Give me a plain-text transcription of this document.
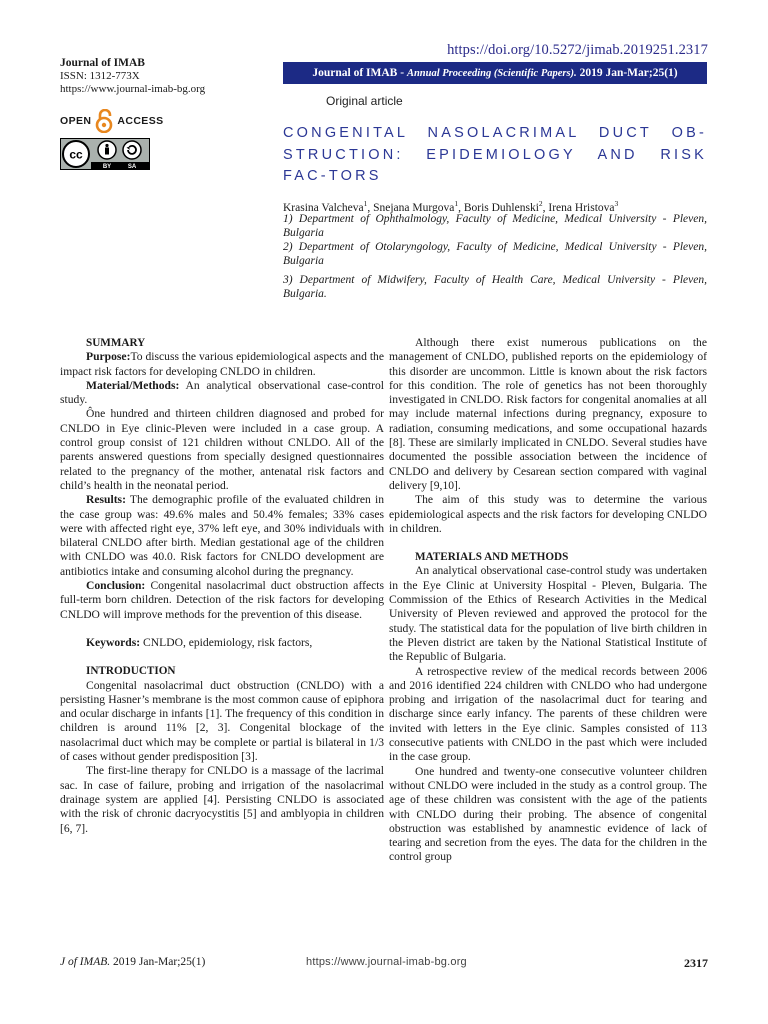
https://doi.org/10.5272/jimab.2019251.2317
Journal of IMAB - Annual Proceeding (Scientific Papers). 2019 Jan-Mar;25(1)
Journal of IMAB
ISSN: 1312-773X
https://www.journal-imab-bg.org
OPEN ACCESS
cc
BY	SA
Original article
CONGENITAL NASOLACRIMAL DUCT OB-STRUCTION: EPIDEMIOLOGY AND RISK FAC-TORS
Krasina Valcheva$^1$, Snejana Murgova$^1$, Boris Duhlenski$^2$, Irena Hristova$^3$
1) Department of Ophthalmology, Faculty of Medicine, Medical University - Pleven, Bulgaria
2) Department of Otolaryngology, Faculty of Medicine, Medical University - Pleven, Bulgaria
3) Department of Midwifery, Faculty of Health Care, Medical University - Pleven, Bulgaria.

SUMMARY

Purpose:To discuss the various epidemiological aspects and the impact risk factors for developing CNLDO in children.

Material/Methods: An analytical observational case-control study.

Ône hundred and thirteen children diagnosed and probed for CNLDO in Eye clinic-Pleven were included in a case group. A control group consist of 121 children without CNLDO. All of the parents answered questions from specially designed questionnaires related to the pregnancy of the mother, antenatal risk factors and child’s health in the neonatal period.

Results: The demographic profile of the evaluated children in the case group was: 49.6% males and 50.4% females; 33% cases were with affected right eye, 37% left eye, and 30% individuals with bilateral CNLDO after birth. Median gestational age of the children with CNLDO was 40.0. Risk factors for CNLDO development are antibiotics intake and consuming alcohol during the pregnancy.

Conclusion: Congenital nasolacrimal duct obstruction affects full-term born children. Detection of the risk factors for developing CNLDO will improve methods for the prevention of this disease.

Keywords: CNLDO, epidemiology, risk factors,

INTRODUCTION

Congenital nasolacrimal duct obstruction (CNLDO) with a persisting Hasner’s membrane is the most common cause of epiphora and ocular discharge in infants [1]. The frequency of this condition in children is around 11% [2, 3]. Congenital blockage of the nasolacrimal duct which may be complete or partial is bilateral in 1/3 of cases without gender predisposition [3].

The first-line therapy for CNLDO is a massage of the lacrimal sac. In case of failure, probing and irrigation of the nasolacrimal drainage system are applied [4]. Persisting CNLDO is associated with the risk of chronic dacryocystitis [5] and amblyopia in children [6, 7].

Although there exist numerous publications on the management of CNLDO, published reports on the epidemiology of this disorder are uncommon. Little is known about the risk factors for this condition. The role of genetics has not been thoroughly investigated in CNLDO. Risk factors for congenital anomalies at all may include maternal infections during pregnancy, exposure to radiation, consuming medications, and some occupational hazards [8]. These are similarly implicated in CNLDO. Several studies have documented the possible association between the incidence of CNLDO and delivery by Cesarean section compared with vaginal delivery [9,10].

The aim of this study was to determine the various epidemiological aspects and the risk factors for developing CNLDO in children.

MATERIALS AND METHODS

An analytical observational case-control study was undertaken in the Eye Clinic at University Hospital - Pleven, Bulgaria. The Commission of the Ethics of Research Activities in the Medical University of Pleven reviewed and approved the protocol for the study. The statistical data for the population of live birth children in the Pleven district are taken by the National Statistical Institute of the Republic of Bulgaria.

A retrospective review of the medical records between 2006 and 2016 identified 224 children with CNLDO who had undergone probing and irrigation of the nasolacrimal duct for tearing and discharge since early infancy. The parents of these children were invited with letters in the Eye clinic. Samples consisted of 113 consecutive patients with CNLDO in the past which were included in the case group.

One hundred and twenty-one consecutive volunteer children without CNLDO were included in the study as a control group. The age of these children was consistent with the age of the patients with CNLDO during their probing. The absence of congenital obstruction was established by anamnestic evidence of lack of tearing and secretion from the eyes. The data for the children in the control group

J of IMAB. 2019 Jan-Mar;25(1)	https://www.journal-imab-bg.org	2317
